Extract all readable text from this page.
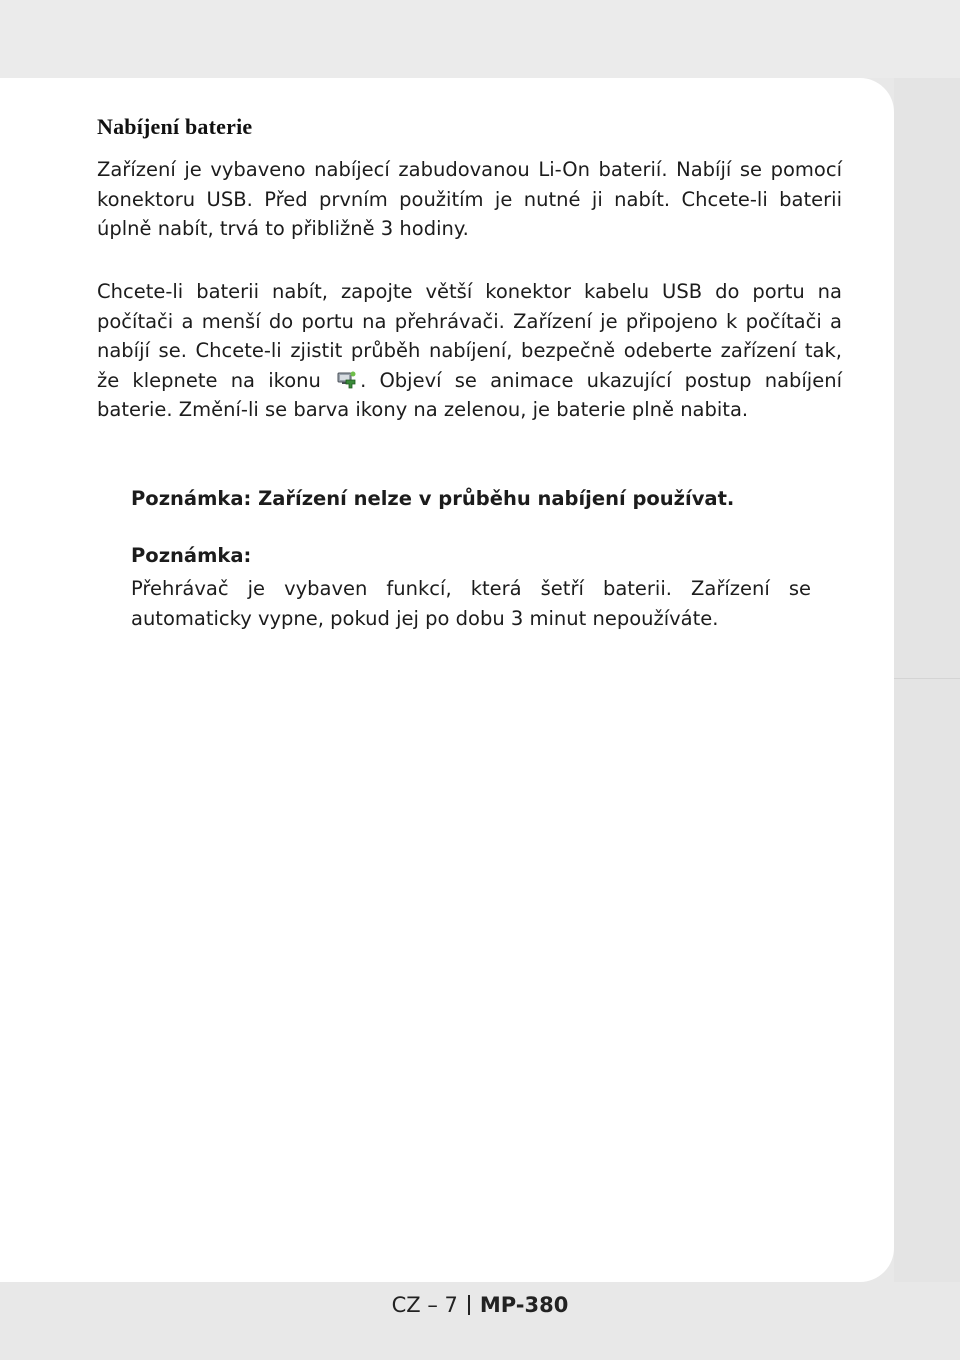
Nabíjení baterie

Zařízení je vybaveno nabíjecí zabudovanou Li-On baterií. Nabíjí se pomocí konektoru USB. Před prvním použitím je nutné ji nabít. Chcete-li baterii úplně nabít, trvá to přibližně 3 hodiny.

Chcete-li baterii nabít, zapojte větší konektor kabelu USB do portu na počítači a menší do portu na přehrávači. Zařízení je připojeno k počítači a nabíjí se. Chcete-li zjistit průběh nabíjení, bezpečně odeberte zařízení tak, že klepnete na ikonu . Objeví se animace ukazující postup nabíjení baterie. Změní-li se barva ikony na zelenou, je baterie plně nabita.

Poznámka: Zařízení nelze v průběhu nabíjení používat.

Poznámka:

Přehrávač je vybaven funkcí, která šetří baterii. Zařízení se automaticky vypne, pokud jej po dobu 3 minut nepoužíváte.

CZ – 7 MP-380
